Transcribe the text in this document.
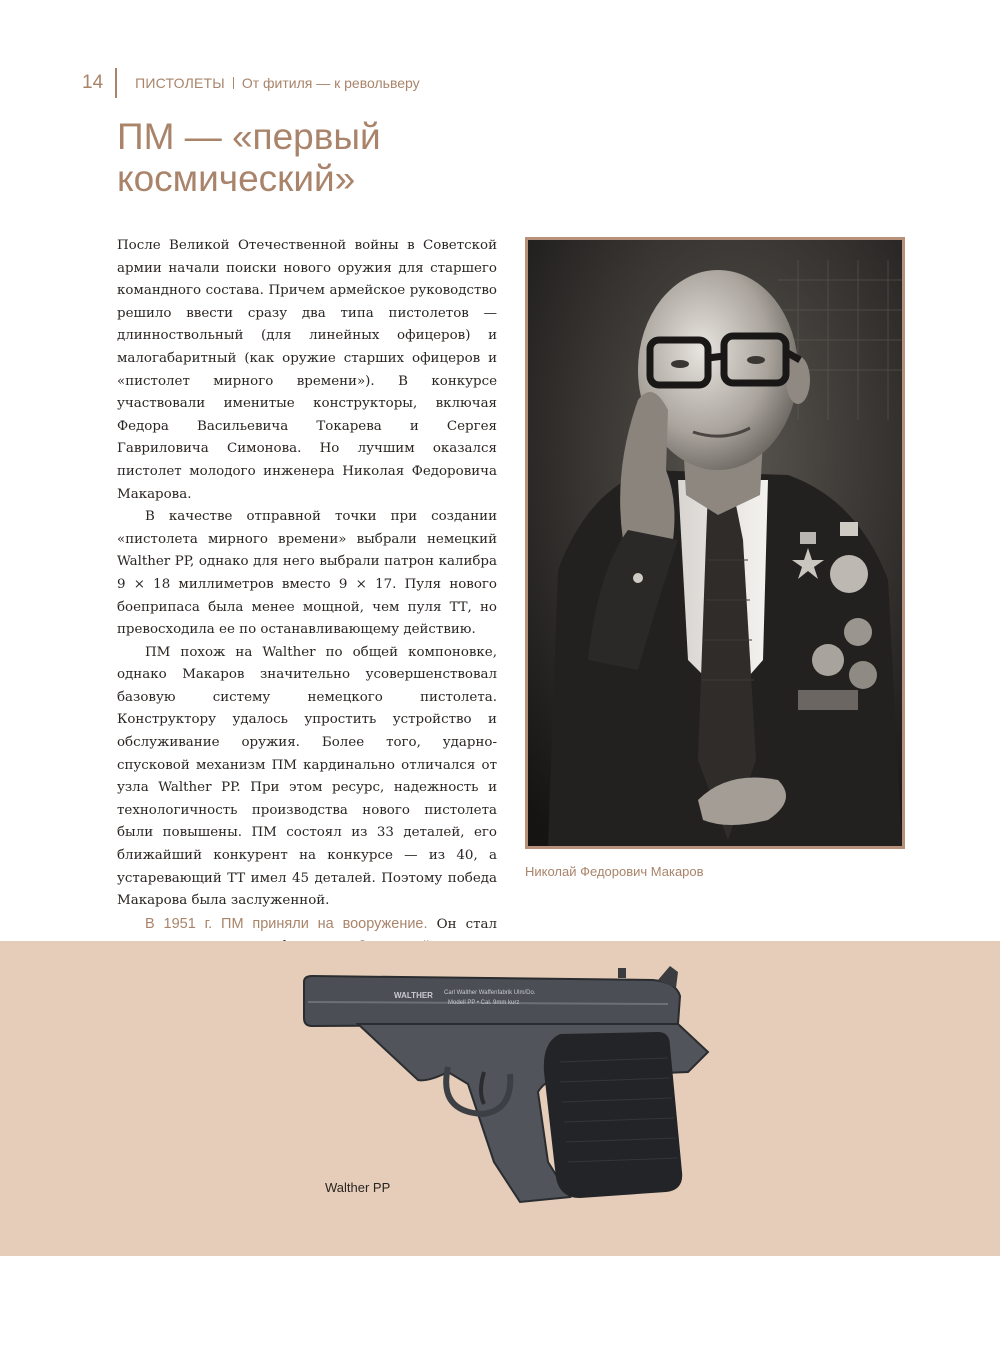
14 ПИСТОЛЕТЫ От фитиля — к револьверу
ПМ — «первый
космический»

После Великой Отечественной войны в Советской армии начали поиски нового оружия для старшего командного состава. Причем армейское руководство решило ввести сразу два типа пистолетов — длинноствольный (для линейных офицеров) и малогабаритный (как оружие старших офицеров и «пистолет мирного времени»). В конкурсе участвовали именитые конструкторы, включая Федора Васильевича Токарева и Сергея Гавриловича Симонова. Но лучшим оказался пистолет молодого инженера Николая Федоровича Макарова.

В качестве отправной точки при создании «пистолета мирного времени» выбрали немецкий Walther PP, однако для него выбрали патрон калибра 9 × 18 миллиметров вместо 9 × 17. Пуля нового боеприпаса была менее мощной, чем пуля ТТ, но превосходила ее по останавливающему действию.

ПМ похож на Walther по общей компоновке, однако Макаров значительно усовершенствовал базовую систему немецкого пистолета. Конструктору удалось упростить устройство и обслуживание оружия. Более того, ударно-спусковой механизм ПМ кардинально отличался от узла Walther PP. При этом ресурс, надежность и технологичность производства нового пистолета были повышены. ПМ состоял из 33 деталей, его ближайший конкурент на конкурсе — из 40, а устаревающий ТТ имел 45 деталей. Поэтому победа Макарова была заслуженной.

В 1951 г. ПМ приняли на вооружение. Он стал

Николай Федорович Макаров
WALTHER Carl Walther Waffenfabrik Ulm/Do.
Modell PP • Cal. 9mm kurz
Walther PP
